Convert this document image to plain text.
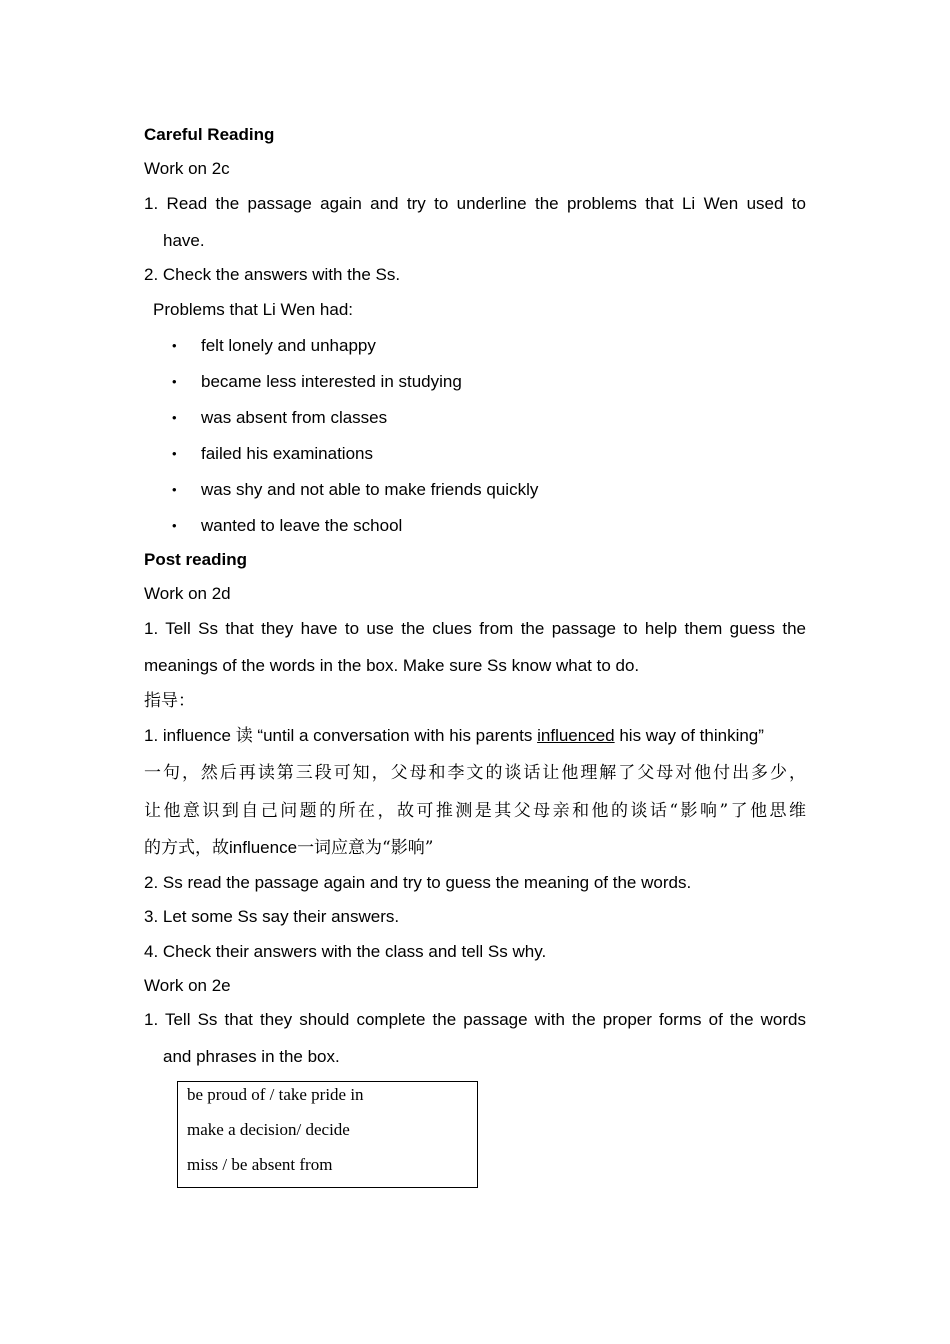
Careful Reading
Work on 2c
1. Read the passage again and try to underline the problems that Li Wen used to
have.
2. Check the answers with the Ss.
Problems that Li Wen had:
• felt lonely and unhappy
• became less interested in studying
• was absent from classes
• failed his examinations
• was shy and not able to make friends quickly
• wanted to leave the school
Post reading
Work on 2d
1. Tell Ss that they have to use the clues from the passage to help them guess the
meanings of the words in the box. Make sure Ss know what to do.
指导：
1. influence 读 “until a conversation with his parents influenced his way of thinking”
一句，然后再读第三段可知，父母和李文的谈话让他理解了父母对他付出多少，
让他意识到自己问题的所在，故可推测是其父母亲和他的谈话“影响”了他思维
的方式，故influence一词应意为“影响”
2. Ss read the passage again and try to guess the meaning of the words.
3. Let some Ss say their answers.
4. Check their answers with the class and tell Ss why.
Work on 2e
1. Tell Ss that they should complete the passage with the proper forms of the words
and phrases in the box.
be proud of / take pride in
make a decision/ decide
miss / be absent from
